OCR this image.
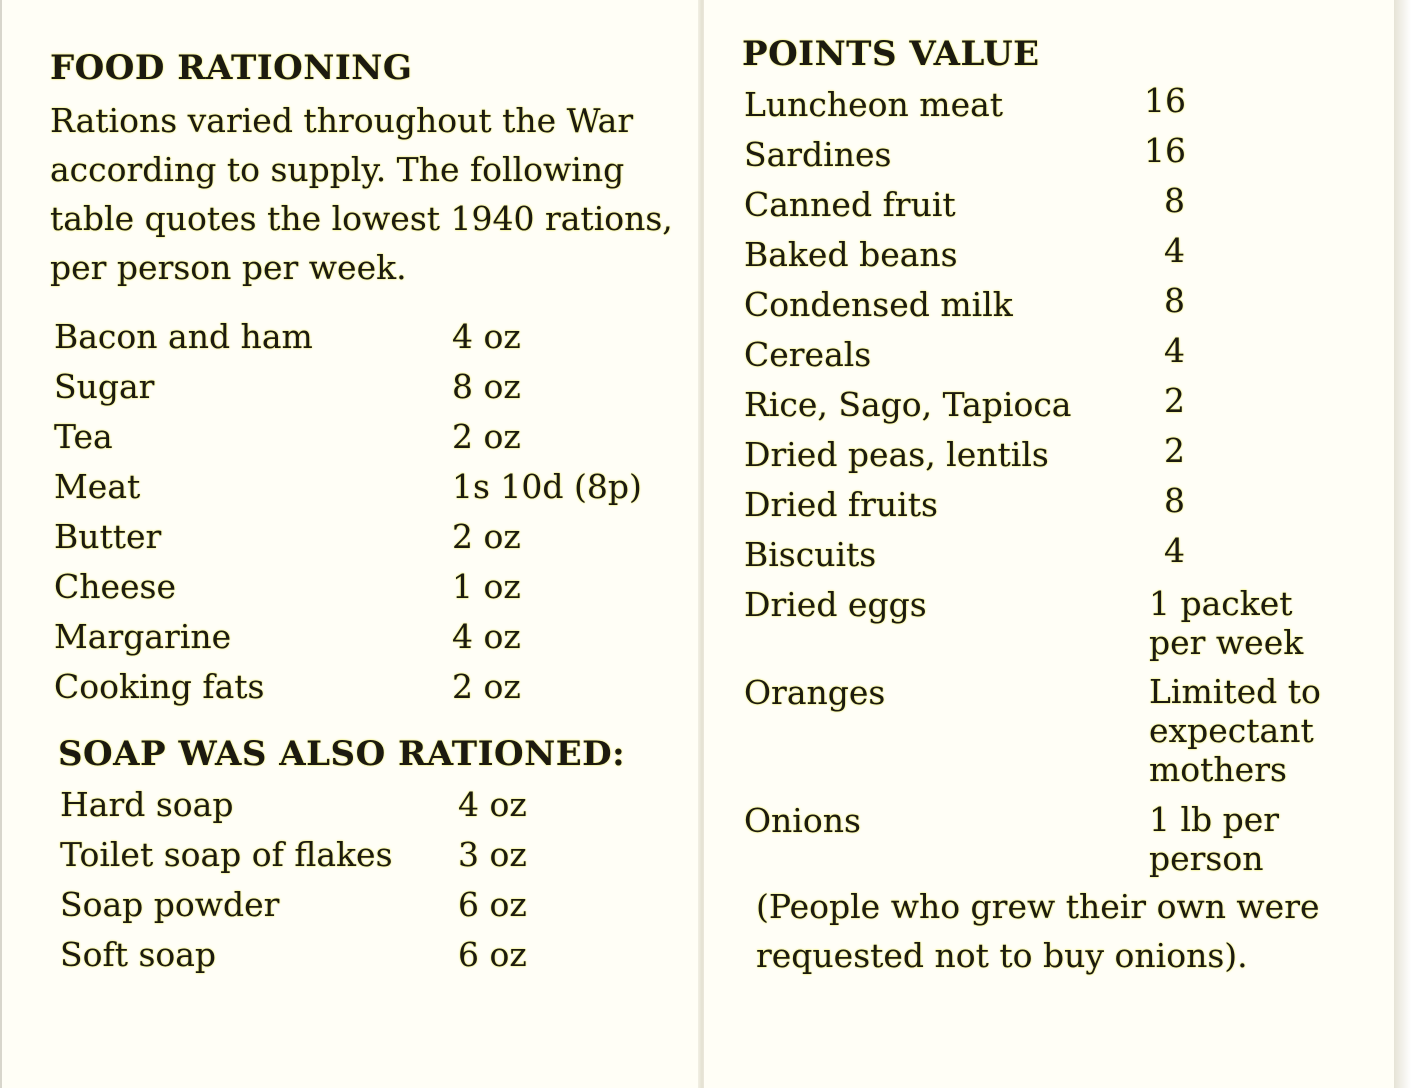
FOOD RATIONING

Rations varied throughout the War according to supply. The following table quotes the lowest 1940 rations, per person per week.

Bacon and ham	4 oz
Sugar	8 oz
Tea	2 oz
Meat	1s 10d (8p)
Butter	2 oz
Cheese	1 oz
Margarine	4 oz
Cooking fats	2 oz
SOAP WAS ALSO RATIONED:
Hard soap	4 oz
Toilet soap of flakes 3 oz
Soap powder	6 oz
Soft soap	6 oz
POINTS VALUE
Luncheon meat	16
Sardines	16
Canned fruit	8
Baked beans	4
Condensed milk	8
Cereals	4
Rice, Sago, Tapioca	2
Dried peas, lentils	2
Dried fruits	8
Biscuits	4
Dried eggs	1 packet per week
Oranges	Limited to expectant mothers
Onions	1 lb per person

(People who grew their own were requested not to buy onions).
